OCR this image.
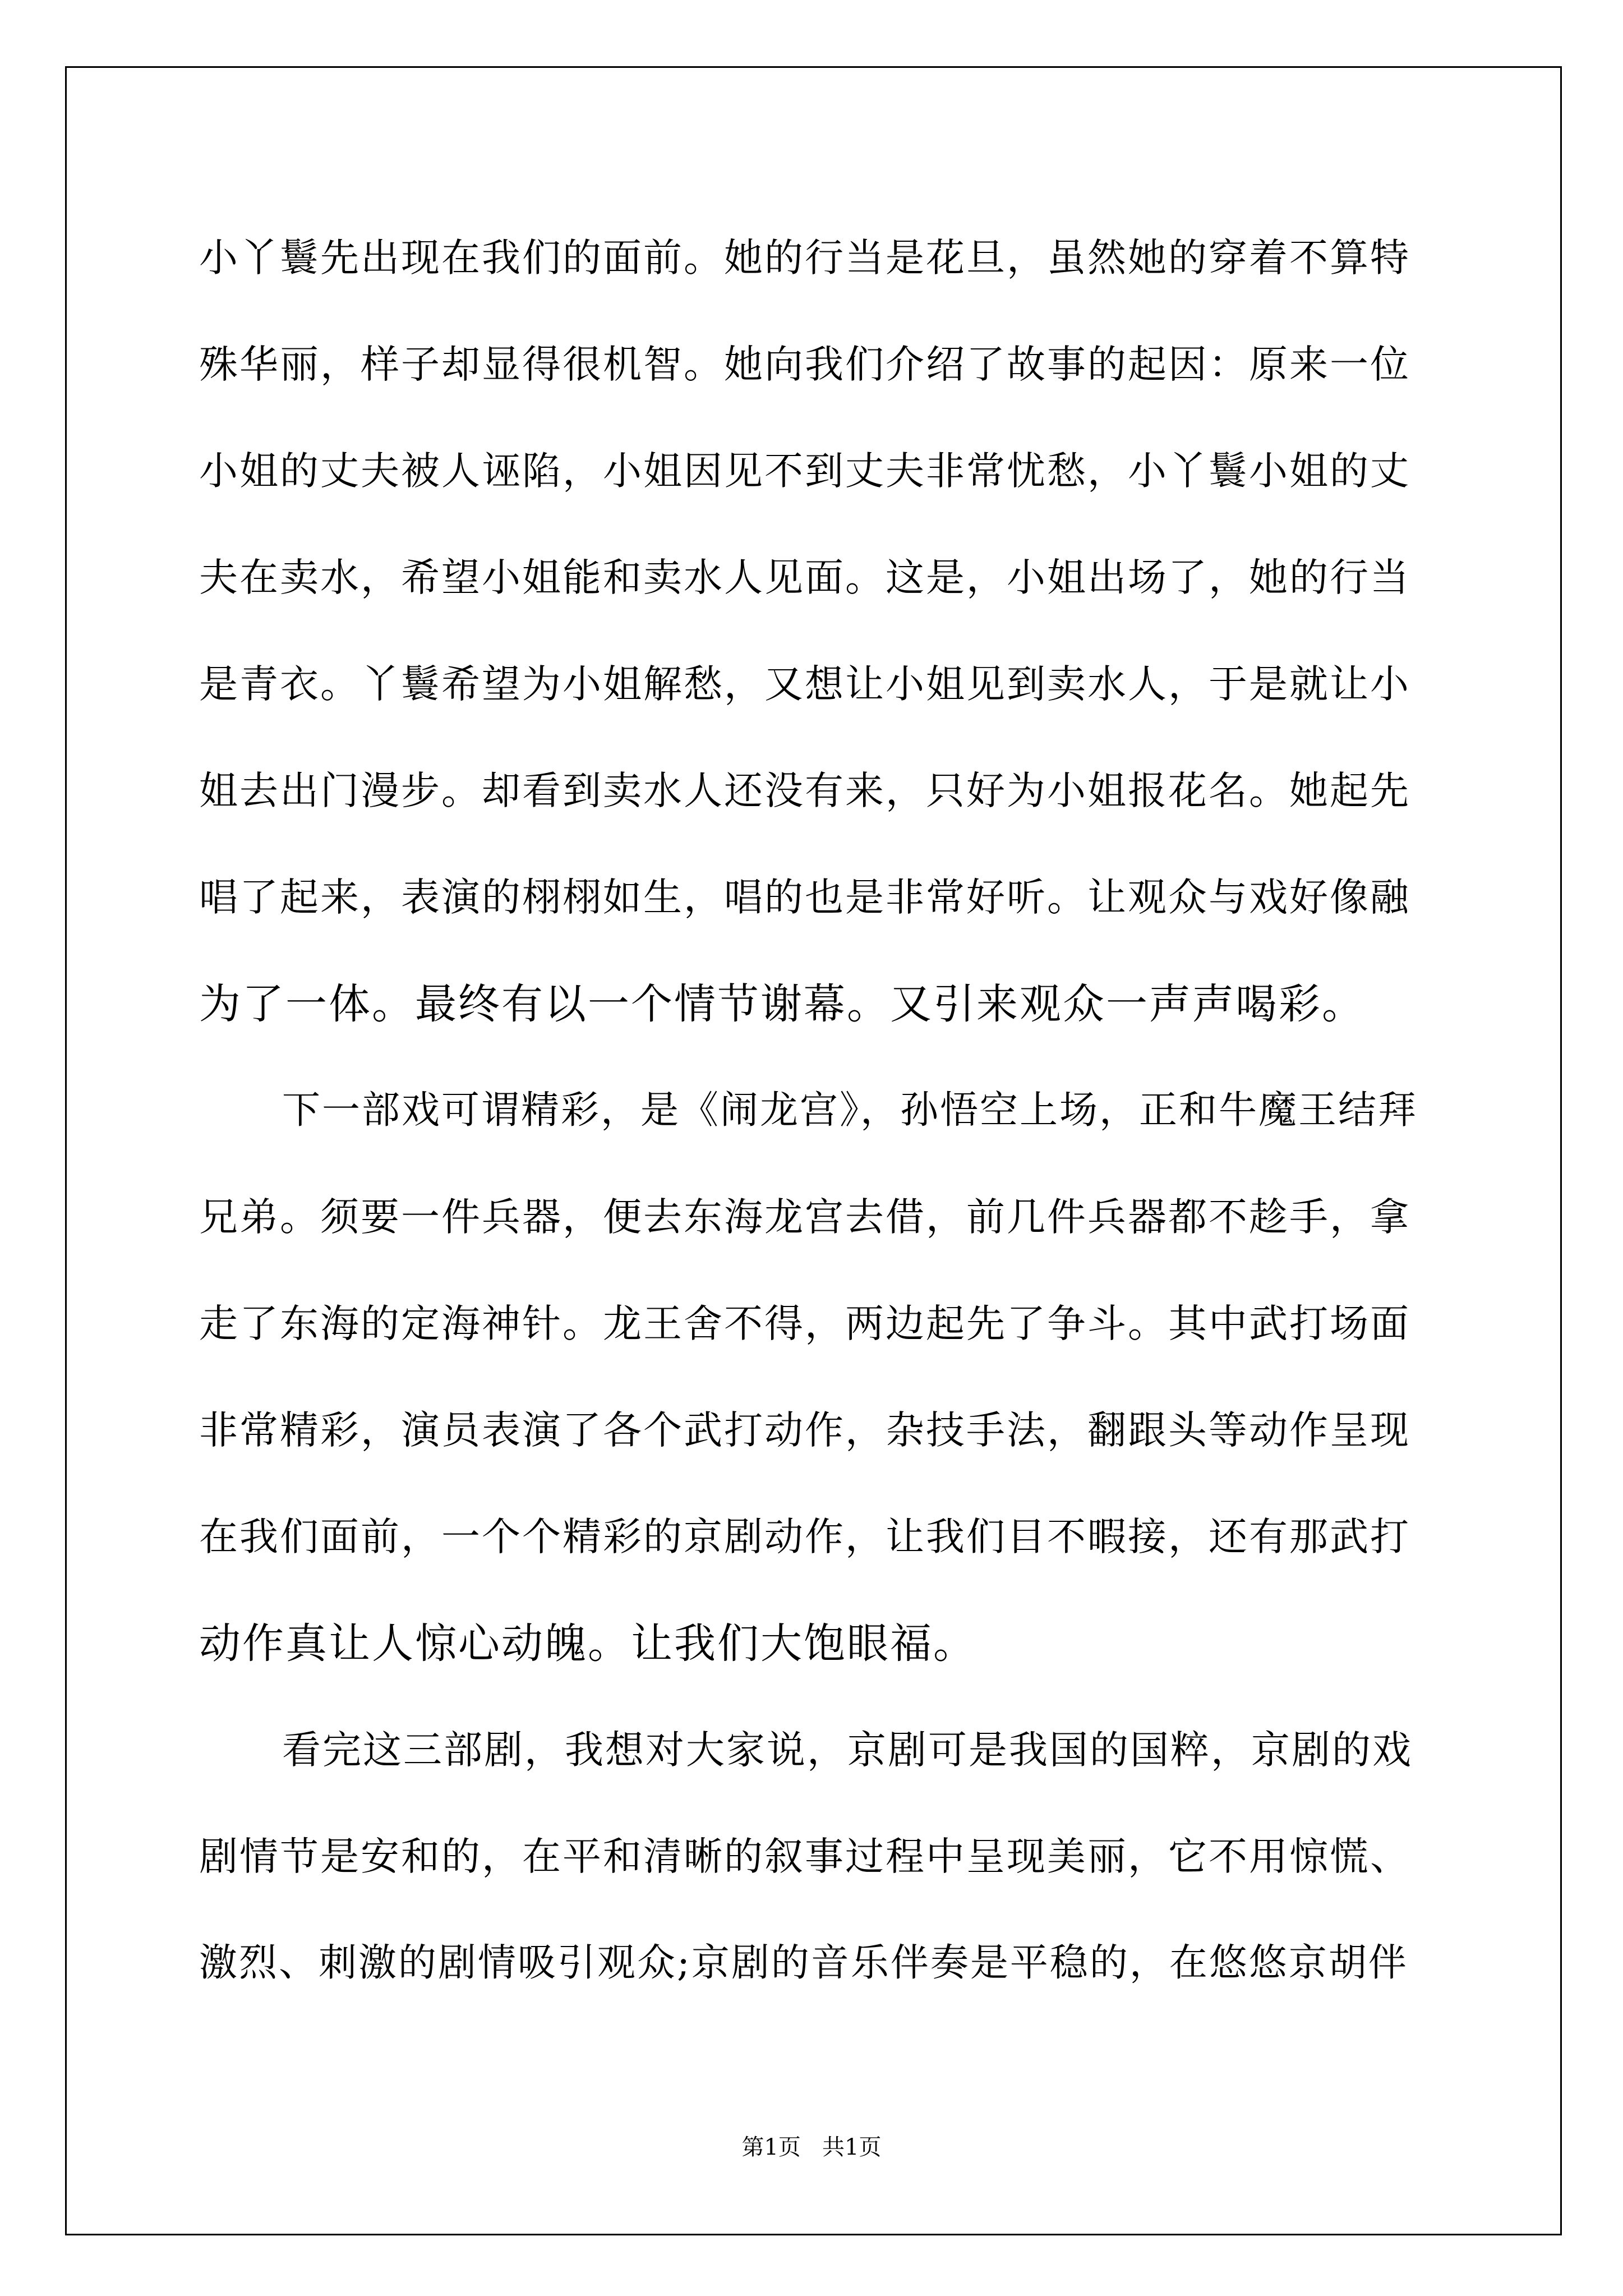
小丫鬟先出现在我们的面前。她的行当是花旦，虽然她的穿着不算特
殊华丽，样子却显得很机智。她向我们介绍了故事的起因：原来一位
小姐的丈夫被人诬陷，小姐因见不到丈夫非常忧愁，小丫鬟小姐的丈
夫在卖水，希望小姐能和卖水人见面。这是，小姐出场了，她的行当
是青衣。丫鬟希望为小姐解愁，又想让小姐见到卖水人，于是就让小
姐去出门漫步。却看到卖水人还没有来，只好为小姐报花名。她起先
唱了起来，表演的栩栩如生，唱的也是非常好听。让观众与戏好像融
为了一体。最终有以一个情节谢幕。又引来观众一声声喝彩。
下一部戏可谓精彩，是《闹龙宫》，孙悟空上场，正和牛魔王结拜
兄弟。须要一件兵器，便去东海龙宫去借，前几件兵器都不趁手，拿
走了东海的定海神针。龙王舍不得，两边起先了争斗。其中武打场面
非常精彩，演员表演了各个武打动作，杂技手法，翻跟头等动作呈现
在我们面前，一个个精彩的京剧动作，让我们目不暇接，还有那武打
动作真让人惊心动魄。让我们大饱眼福。
看完这三部剧，我想对大家说，京剧可是我国的国粹，京剧的戏
剧情节是安和的，在平和清晰的叙事过程中呈现美丽，它不用惊慌、
激烈、刺激的剧情吸引观众;京剧的音乐伴奏是平稳的，在悠悠京胡伴
第1页   共1页
